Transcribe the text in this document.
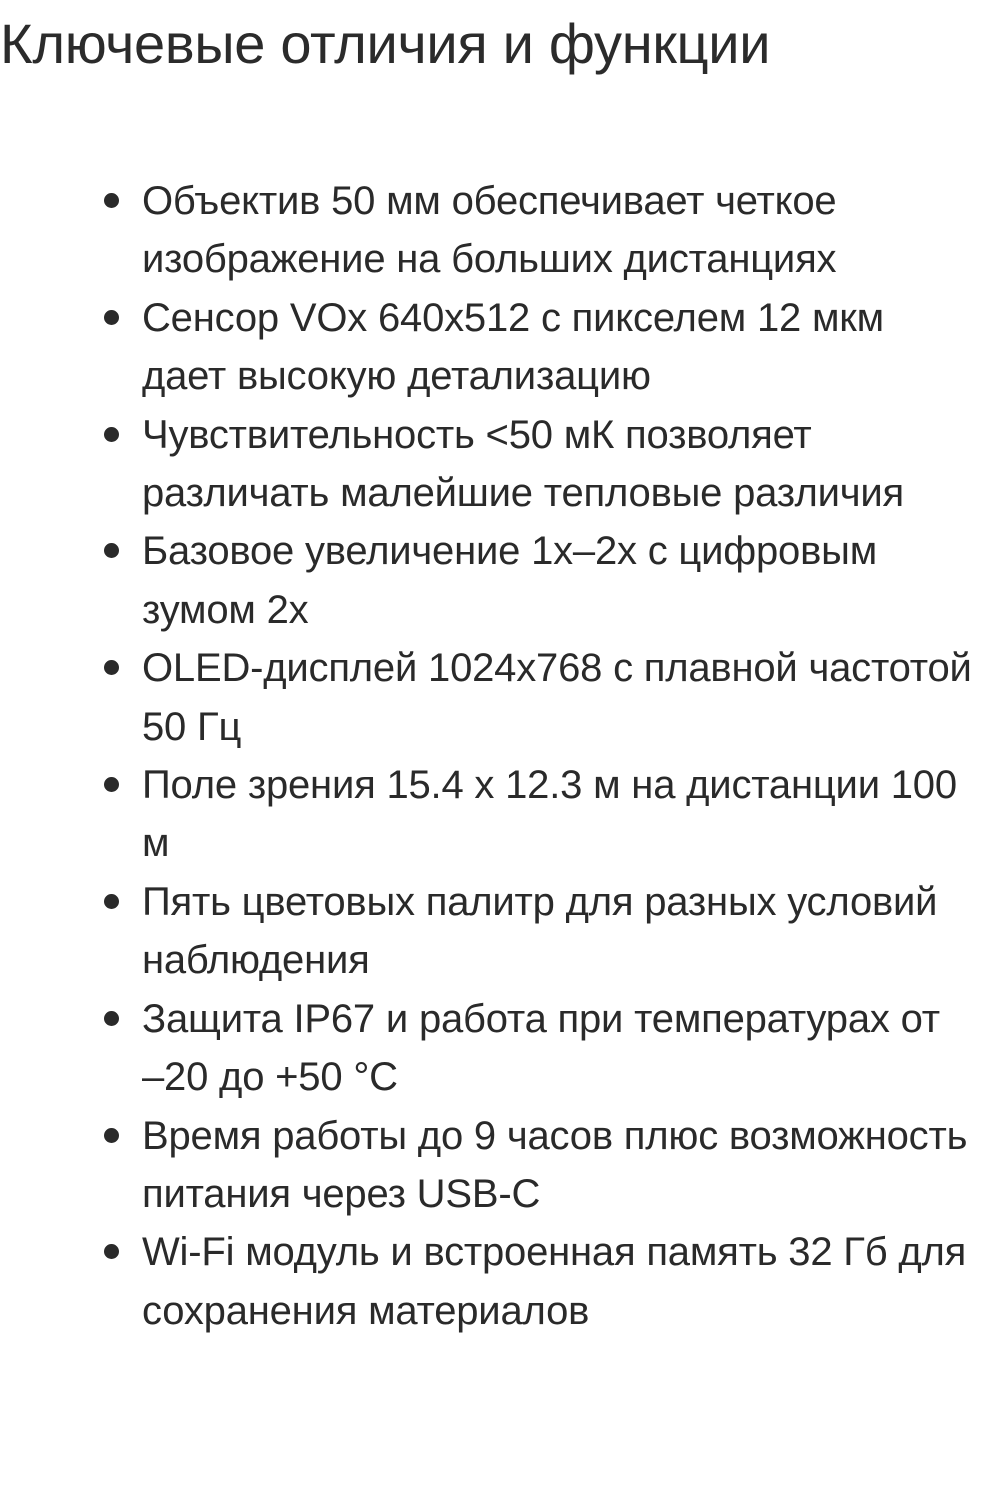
Ключевые отличия и функции
Объектив 50 мм обеспечивает четкое изображение на больших дистанциях
Сенсор VOx 640x512 с пикселем 12 мкм дает высокую детализацию
Чувствительность <50 мК позволяет различать малейшие тепловые различия
Базовое увеличение 1x–2x с цифровым зумом 2x
OLED-дисплей 1024x768 с плавной частотой 50 Гц
Поле зрения 15.4 x 12.3 м на дистанции 100 м
Пять цветовых палитр для разных условий наблюдения
Защита IP67 и работа при температурах от –20 до +50 °C
Время работы до 9 часов плюс возможность питания через USB-C
Wi-Fi модуль и встроенная память 32 Гб для сохранения материалов
